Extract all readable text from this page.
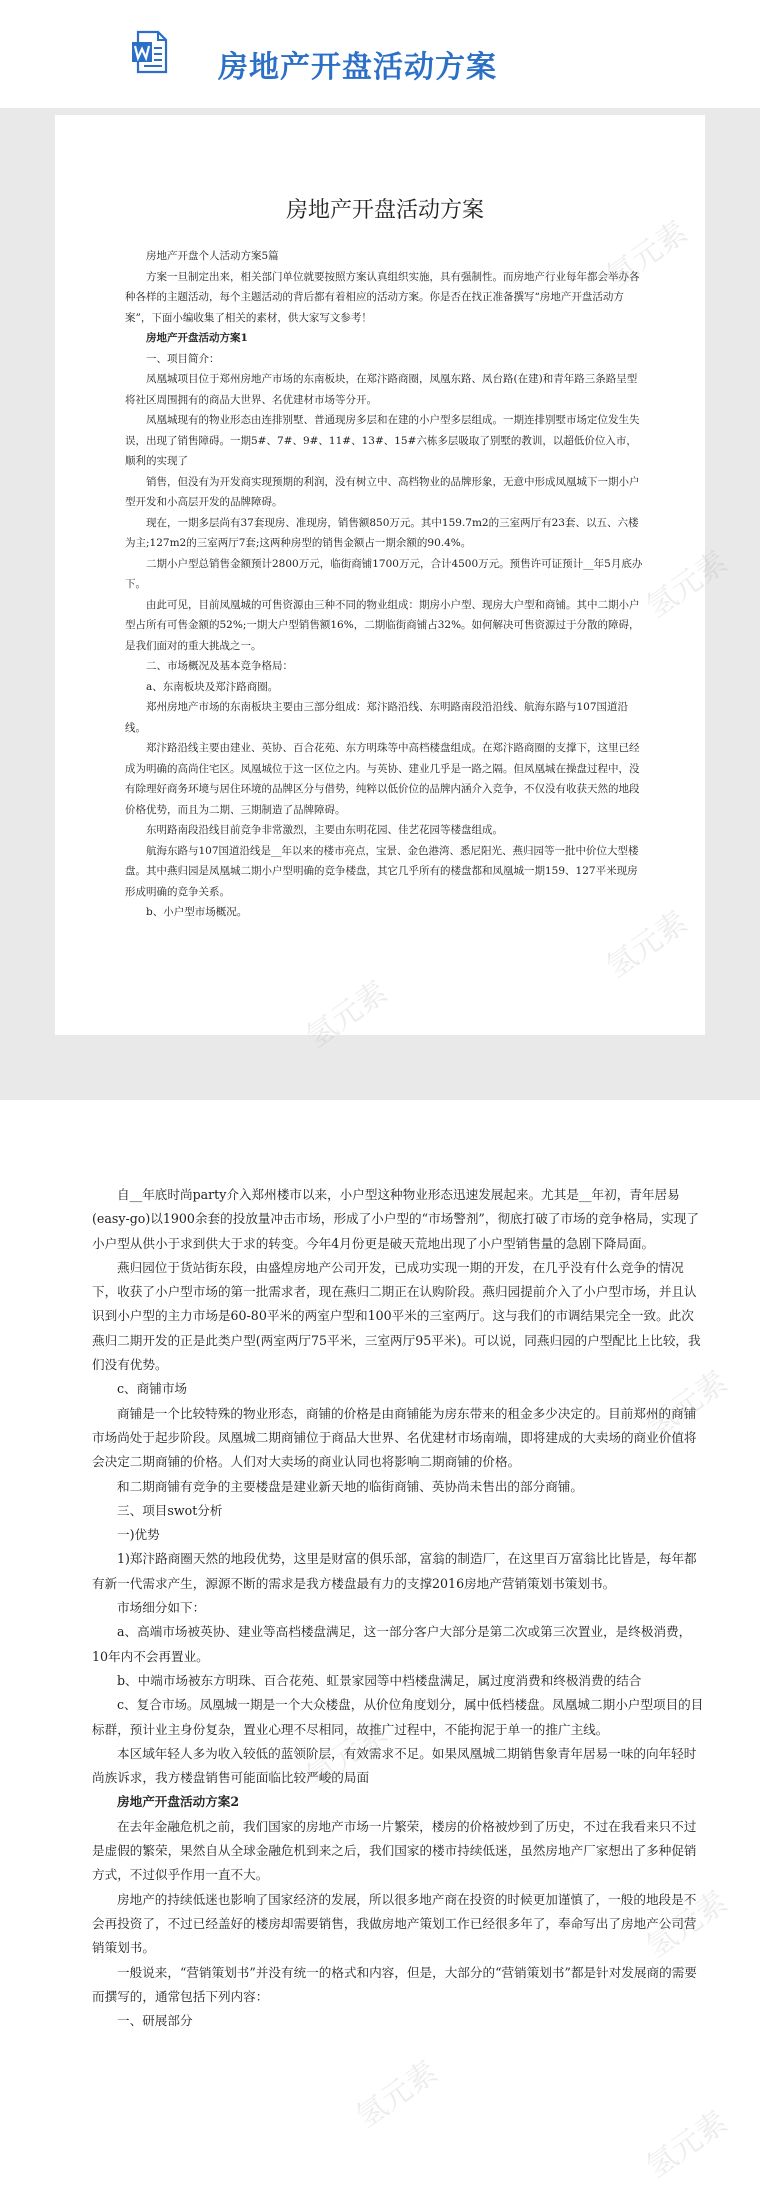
房地产开盘活动方案
房地产开盘活动方案

房地产开盘个人活动方案5篇

方案一旦制定出来，相关部门单位就要按照方案认真组织实施，具有强制性。而房地产行业每年都会举办各种各样的主题活动，每个主题活动的背后都有着相应的活动方案。你是否在找正准备撰写“房地产开盘活动方案”，下面小编收集了相关的素材，供大家写文参考！

房地产开盘活动方案1

一、项目简介：

凤凰城项目位于郑州房地产市场的东南板块，在郑汴路商圈，凤凰东路、凤台路(在建)和青年路三条路呈型将社区周围拥有的商品大世界、名优建材市场等分开。

凤凰城现有的物业形态由连排别墅、普通现房多层和在建的小户型多层组成。一期连排别墅市场定位发生失误，出现了销售障碍。一期5#、7#、9#、11#、13#、15#六栋多层吸取了别墅的教训，以超低价位入市，顺利的实现了

销售，但没有为开发商实现预期的利润，没有树立中、高档物业的品牌形象，无意中形成凤凰城下一期小户型开发和小高层开发的品牌障碍。

现在，一期多层尚有37套现房、准现房，销售额850万元。其中159.7m2的三室两厅有23套、以五、六楼为主;127m2的三室两厅7套;这两种房型的销售金额占一期余额的90.4%。

二期小户型总销售金额预计2800万元，临街商铺1700万元，合计4500万元。预售许可证预计__年5月底办下。

由此可见，目前凤凰城的可售资源由三种不同的物业组成：期房小户型、现房大户型和商铺。其中二期小户型占所有可售金额的52%;一期大户型销售额16%，二期临街商铺占32%。如何解决可售资源过于分散的障碍，是我们面对的重大挑战之一。

二、市场概况及基本竞争格局：

a、东南板块及郑汴路商圈。

郑州房地产市场的东南板块主要由三部分组成：郑汴路沿线、东明路南段沿沿线、航海东路与107国道沿线。

郑汴路沿线主要由建业、英协、百合花苑、东方明珠等中高档楼盘组成。在郑汴路商圈的支撑下，这里已经成为明确的高尚住宅区。凤凰城位于这一区位之内。与英协、建业几乎是一路之隔。但凤凰城在操盘过程中，没有除理好商务环境与居住环境的品牌区分与借势，纯粹以低价位的品牌内涵介入竞争，不仅没有收获天然的地段价格优势，而且为二期、三期制造了品牌障碍。

东明路南段沿线目前竞争非常激烈，主要由东明花园、佳艺花园等楼盘组成。

航海东路与107国道沿线是__年以来的楼市亮点，宝景、金色港湾、悉尼阳光、燕归园等一批中价位大型楼盘。其中燕归园是凤凰城二期小户型明确的竞争楼盘，其它几乎所有的楼盘都和凤凰城一期159、127平米现房形成明确的竞争关系。

b、小户型市场概况。

自__年底时尚party介入郑州楼市以来，小户型这种物业形态迅速发展起来。尤其是__年初，青年居易(easy-go)以1900余套的投放量冲击市场，形成了小户型的“市场警剂”，彻底打破了市场的竞争格局，实现了小户型从供小于求到供大于求的转变。今年4月份更是破天荒地出现了小户型销售量的急剧下降局面。

燕归园位于货站街东段，由盛煌房地产公司开发，已成功实现一期的开发，在几乎没有什么竞争的情况下，收获了小户型市场的第一批需求者，现在燕归二期正在认购阶段。燕归园提前介入了小户型市场，并且认识到小户型的主力市场是60-80平米的两室户型和100平米的三室两厅。这与我们的市调结果完全一致。此次燕归二期开发的正是此类户型(两室两厅75平米，三室两厅95平米)。可以说，同燕归园的户型配比上比较，我们没有优势。

c、商铺市场

商铺是一个比较特殊的物业形态，商铺的价格是由商铺能为房东带来的租金多少决定的。目前郑州的商铺市场尚处于起步阶段。凤凰城二期商铺位于商品大世界、名优建材市场南端，即将建成的大卖场的商业价值将会决定二期商铺的价格。人们对大卖场的商业认同也将影响二期商铺的价格。

和二期商铺有竞争的主要楼盘是建业新天地的临街商铺、英协尚未售出的部分商铺。

三、项目swot分析

一)优势

1)郑汴路商圈天然的地段优势，这里是财富的俱乐部，富翁的制造厂，在这里百万富翁比比皆是，每年都有新一代需求产生，源源不断的需求是我方楼盘最有力的支撑2016房地产营销策划书策划书。

市场细分如下：

a、高端市场被英协、建业等高档楼盘满足，这一部分客户大部分是第二次或第三次置业，是终极消费，10年内不会再置业。

b、中端市场被东方明珠、百合花苑、虹景家园等中档楼盘满足，属过度消费和终极消费的结合

c、复合市场。凤凰城一期是一个大众楼盘，从价位角度划分，属中低档楼盘。凤凰城二期小户型项目的目标群，预计业主身份复杂，置业心理不尽相同，故推广过程中，不能拘泥于单一的推广主线。

本区域年轻人多为收入较低的蓝领阶层，有效需求不足。如果凤凰城二期销售象青年居易一味的向年轻时尚族诉求，我方楼盘销售可能面临比较严峻的局面

房地产开盘活动方案2

在去年金融危机之前，我们国家的房地产市场一片繁荣，楼房的价格被炒到了历史，不过在我看来只不过是虚假的繁荣，果然自从全球金融危机到来之后，我们国家的楼市持续低迷，虽然房地产厂家想出了多种促销方式，不过似乎作用一直不大。

房地产的持续低迷也影响了国家经济的发展，所以很多地产商在投资的时候更加谨慎了，一般的地段是不会再投资了，不过已经盖好的楼房却需要销售，我做房地产策划工作已经很多年了，奉命写出了房地产公司营销策划书。

一般说来，“营销策划书”并没有统一的格式和内容，但是，大部分的“营销策划书”都是针对发展商的需要而撰写的，通常包括下列内容：

一、研展部分

氢元素
氢元素
氢元素
氢元素
氢元素
